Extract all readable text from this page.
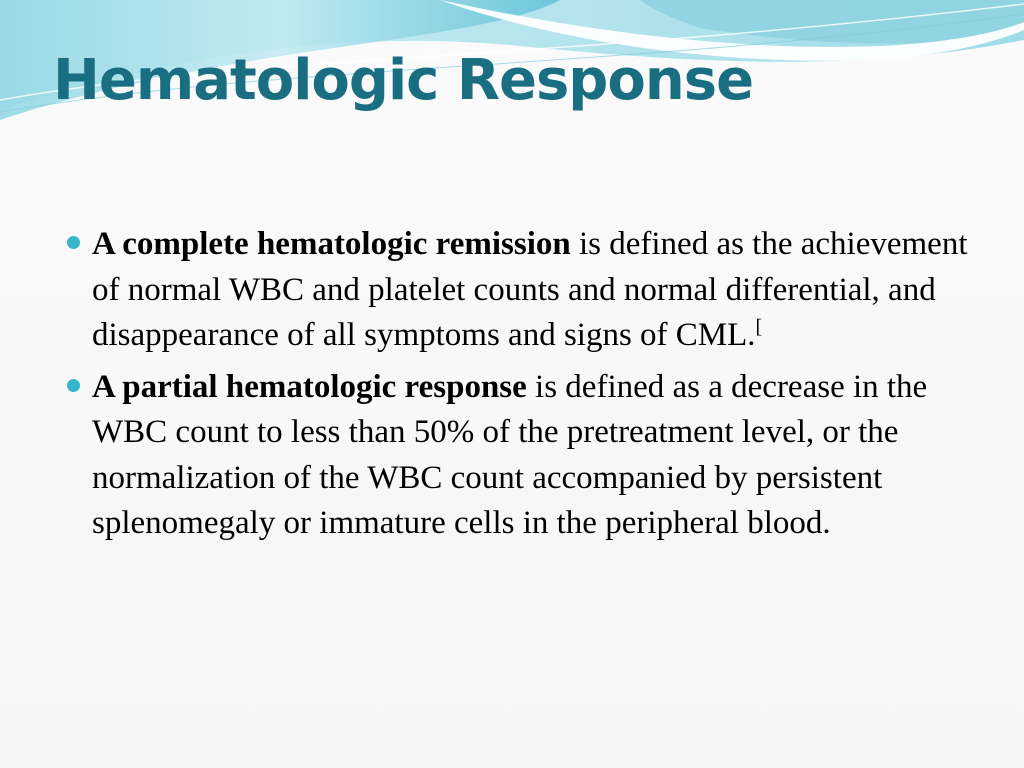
Hematologic Response
A complete hematologic remission is defined as the achievement of normal WBC and platelet counts and normal differential, and disappearance of all symptoms and signs of CML.[
A partial hematologic response is defined as a decrease in the WBC count to less than 50% of the pretreatment level, or the normalization of the WBC count accompanied by persistent splenomegaly or immature cells in the peripheral blood.
